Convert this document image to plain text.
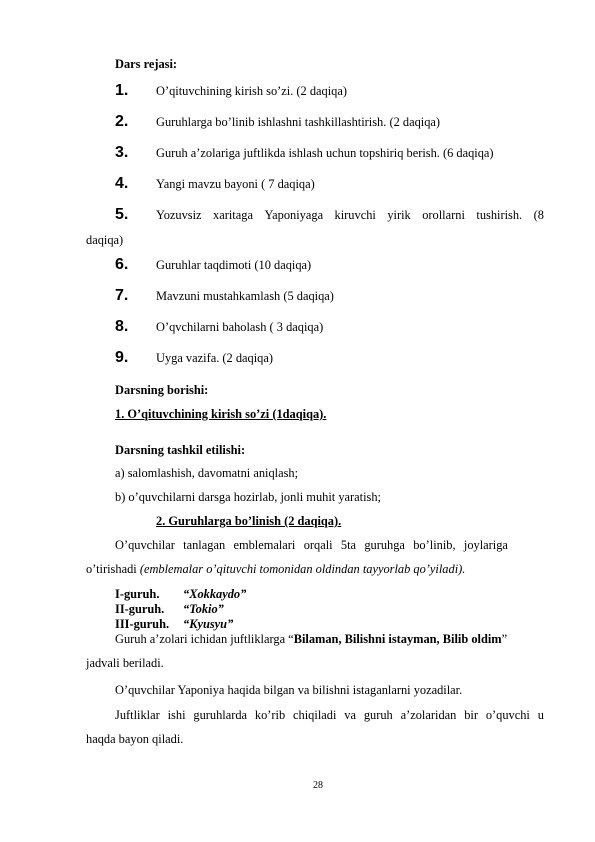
Dars rejasi:
1. O’qituvchining kirish so’zi. (2 daqiqa)
2. Guruhlarga bo’linib ishlashni tashkillashtirish. (2 daqiqa)
3. Guruh a’zolariga juftlikda ishlash uchun topshiriq berish. (6 daqiqa)
4. Yangi mavzu bayoni ( 7 daqiqa)
5. Yozuvsiz xaritaga Yaponiyaga kiruvchi yirik orollarni tushirish. (8
daqiqa)
6. Guruhlar taqdimoti (10 daqiqa)
7. Mavzuni mustahkamlash (5 daqiqa)
8. O’qvchilarni baholash ( 3 daqiqa)
9. Uyga vazifa. (2 daqiqa)
Darsning borishi:
1. O’qituvchining kirish so’zi (1daqiqa).
Darsning tashkil etilishi:
a) salomlashish, davomatni aniqlash;
b) o’quvchilarni darsga hozirlab, jonli muhit yaratish;
2. Guruhlarga bo’linish (2 daqiqa).
O’quvchilar tanlagan emblemalari orqali 5ta guruhga bo’linib, joylariga
o’tirishadi (emblemalar o’qituvchi tomonidan oldindan tayyorlab qo’yiladi).
I-guruh. “Xokkaydo”
II-guruh. “Tokio”
III-guruh. “Kyusyu”
Guruh a’zolari ichidan juftliklarga “Bilaman, Bilishni istayman, Bilib oldim”
jadvali beriladi.
O’quvchilar Yaponiya haqida bilgan va bilishni istaganlarni yozadilar.
Juftliklar ishi guruhlarda ko’rib chiqiladi va guruh a’zolaridan bir o’quvchi u
haqda bayon qiladi.
28
